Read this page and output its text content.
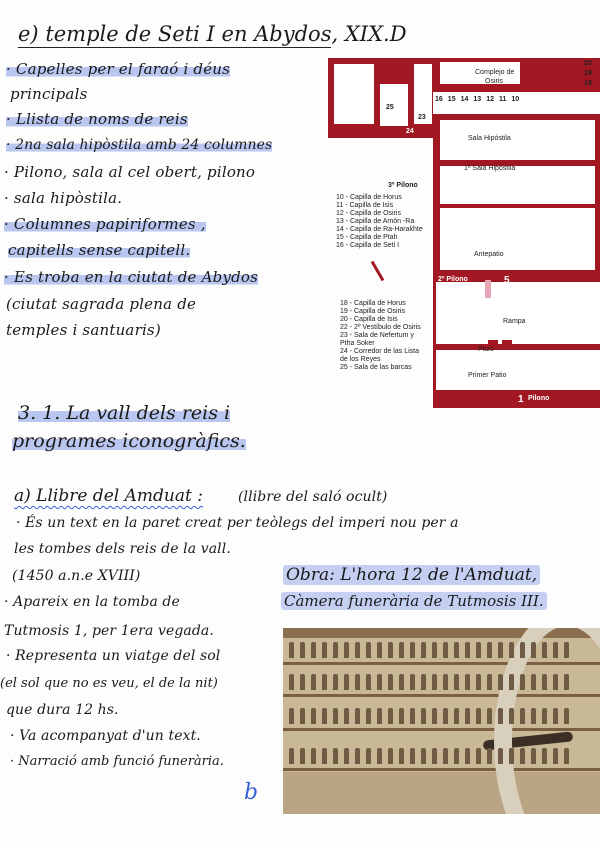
e) temple de Seti I en Abydos, XIX.D
· Capelles per el faraó i déus
principals
· Llista de noms de reis
· 2na sala hipòstila amb 24 columnes
· Pilono, sala al cel obert, pilono
· sala hipòstila.
· Columnes papiriformes ,
capitells sense capitell.
· Es troba en la ciutat de Abydos
(ciutat sagrada plena de
temples i santuaris)
Complejo de
Osiris
22
20
19
18
25
23
24
16 15 14 13 12 11 10
Sala Hipóstila
1ª Sala Hipóstila
3º Pilono
Antepatio
2º Pilono	5
Rampa
Pozo
Primer Patio
1 Pilono
10 - Capilla de Horus
11 - Capilla de Isis
12 - Capilla de Osiris
13 - Capilla de Amón -Ra
14 - Capilla de Ra-Harakhte
15 - Capilla de Ptah
16 - Capilla de Seti I
18 - Capilla de Horus
19 - Capilla de Osiris
20 - Capilla de Isis
22 - 2º Vestíbulo de Osiris
23 - Sala de Nefertum y
Ptha Soker
24 - Corredor de las Lista
de los Reyes
25 - Sala de las barcas
3. 1. La vall dels reis i
programes iconogràfics.
a) Llibre del Amduat :	(llibre del saló ocult)
· És un text en la paret creat per teòlegs del imperi nou per a
les tombes dels reis de la vall.
(1450 a.n.e XVIII)
· Apareix en la tomba de
Tutmosis 1, per 1era vegada.
· Representa un viatge del sol
(el sol que no es veu, el de la nit)
que dura 12 hs.
· Va acompanyat d'un text.
· Narració amb funció funerària.
Obra: L'hora 12 de l'Amduat,
Càmera funerària de Tutmosis III.
b
